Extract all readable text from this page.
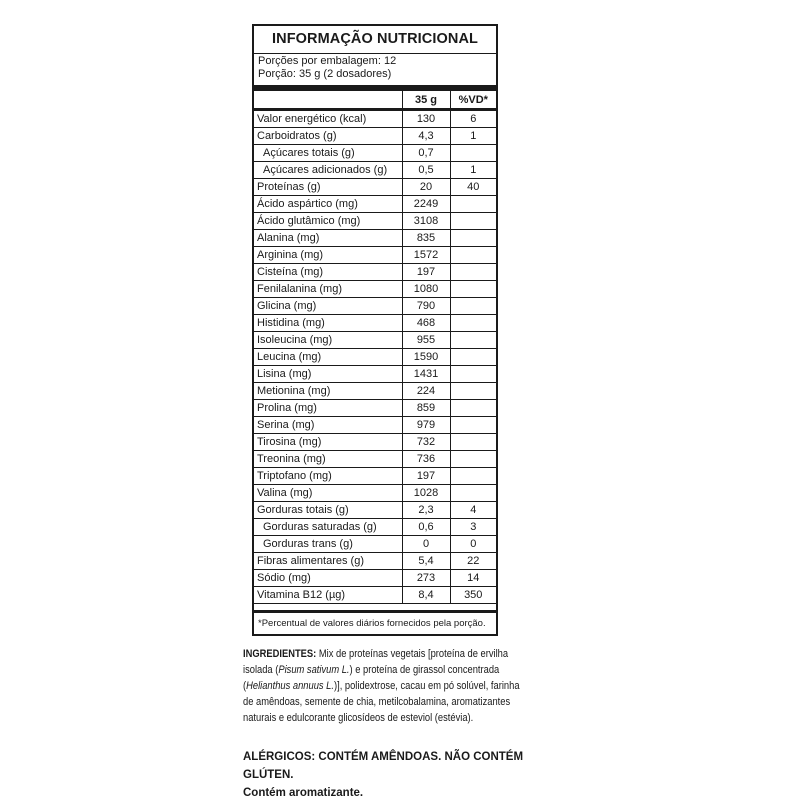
INFORMAÇÃO NUTRICIONAL
Porções por embalagem: 12
Porção: 35 g (2 dosadores)
	35 g	%VD*
Valor energético (kcal)	130	6
Carboidratos (g)	4,3	1
Açúcares totais (g)	0,7	
Açúcares adicionados (g)	0,5	1
Proteínas (g)	20	40
Ácido aspártico (mg)	2249	
Ácido glutâmico (mg)	3108	
Alanina (mg)	835	
Arginina (mg)	1572	
Cisteína (mg)	197	
Fenilalanina (mg)	1080	
Glicina (mg)	790	
Histidina (mg)	468	
Isoleucina (mg)	955	
Leucina (mg)	1590	
Lisina (mg)	1431	
Metionina (mg)	224	
Prolina (mg)	859	
Serina (mg)	979	
Tirosina (mg)	732	
Treonina (mg)	736	
Triptofano (mg)	197	
Valina (mg)	1028	
Gorduras totais (g)	2,3	4
Gorduras saturadas (g)	0,6	3
Gorduras trans (g)	0	0
Fibras alimentares (g)	5,4	22
Sódio (mg)	273	14
Vitamina B12 (µg)	8,4	350
*Percentual de valores diários fornecidos pela porção.
INGREDIENTES: Mix de proteínas vegetais [proteína de ervilha isolada (Pisum sativum L.) e proteína de girassol concentrada (Helianthus annuus L.)], polidextrose, cacau em pó solúvel, farinha de amêndoas, semente de chia, metilcobalamina, aromatizantes naturais e edulcorante glicosídeos de esteviol (estévia).
ALÉRGICOS: CONTÉM AMÊNDOAS. NÃO CONTÉM GLÚTEN.
Contém aromatizante.
